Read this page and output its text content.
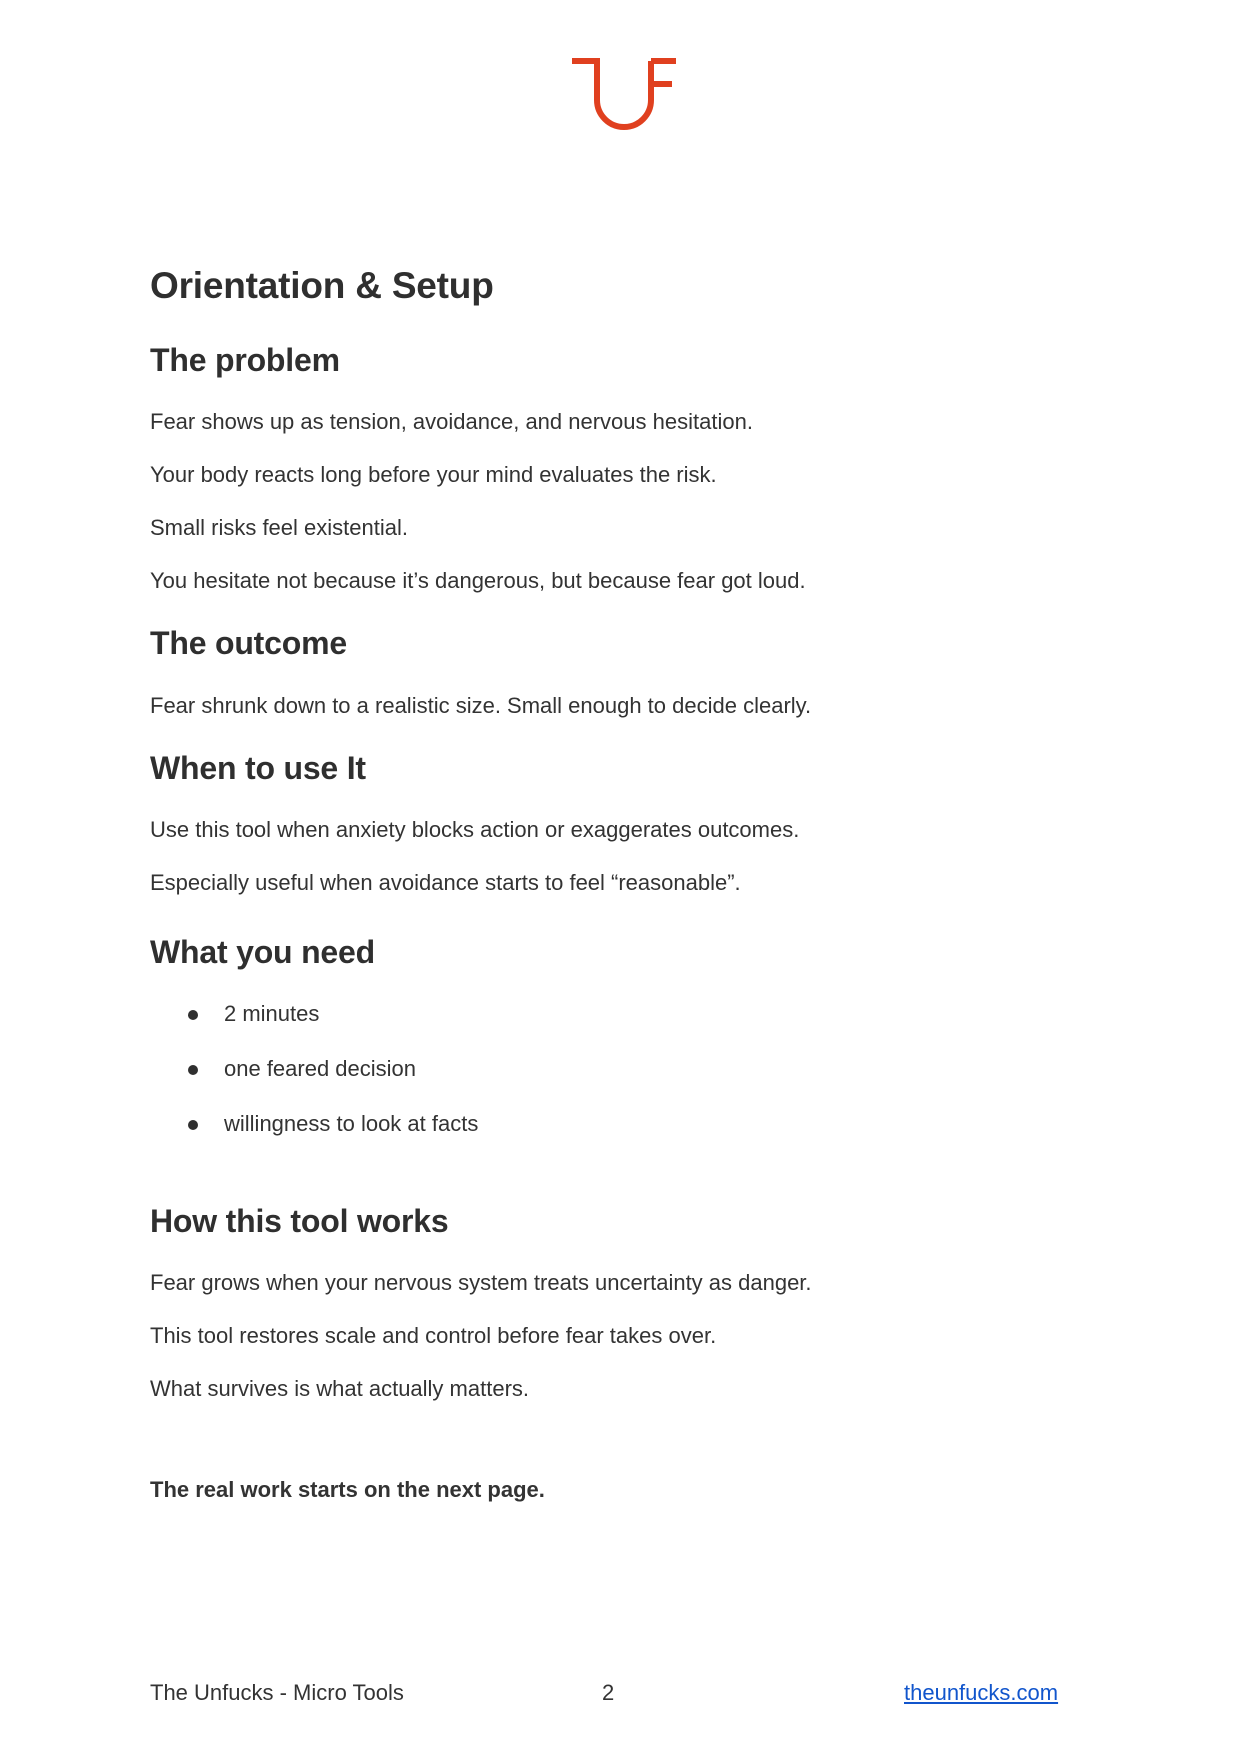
Orientation & Setup
The problem

Fear shows up as tension, avoidance, and nervous hesitation.

Your body reacts long before your mind evaluates the risk.

Small risks feel existential.

You hesitate not because it’s dangerous, but because fear got loud.

The outcome

Fear shrunk down to a realistic size. Small enough to decide clearly.

When to use It

Use this tool when anxiety blocks action or exaggerates outcomes.

Especially useful when avoidance starts to feel “reasonable”.

What you need

2 minutes

one feared decision

willingness to look at facts

How this tool works

Fear grows when your nervous system treats uncertainty as danger.

This tool restores scale and control before fear takes over.

What survives is what actually matters.

The real work starts on the next page.

The Unfucks - Micro Tools	2	theunfucks.com
